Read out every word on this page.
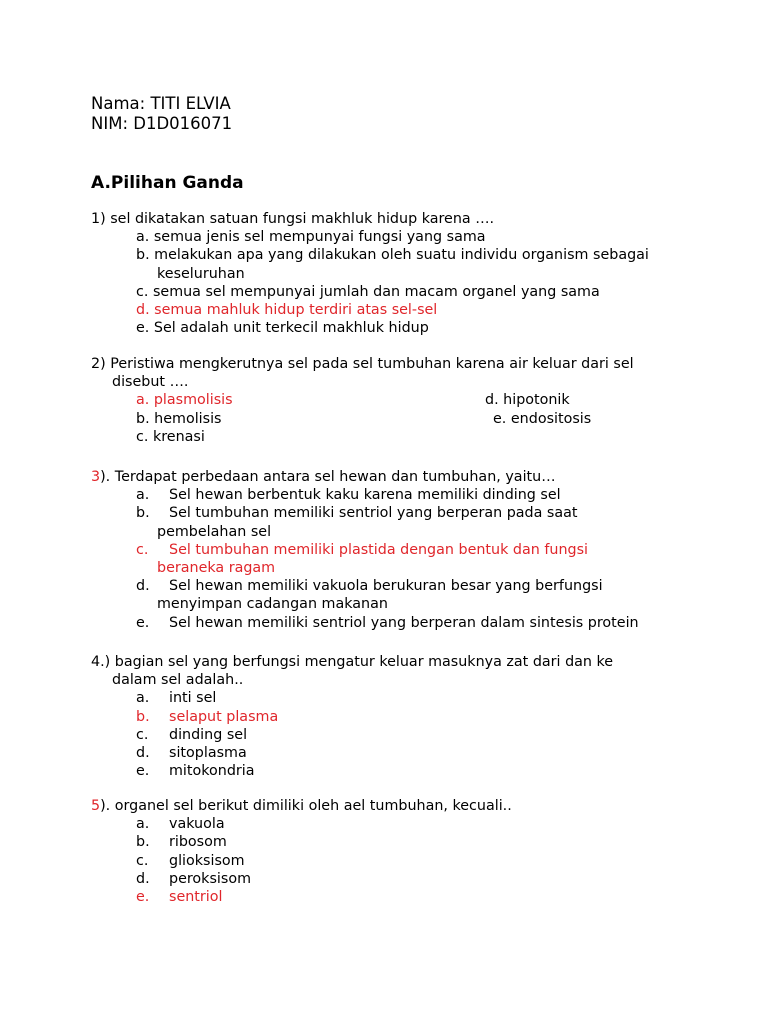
Nama: TITI ELVIA
NIM: D1D016071
A.Pilihan Ganda
1) sel dikatakan satuan fungsi makhluk hidup karena ….
a. semua jenis sel mempunyai fungsi yang sama
b. melakukan apa yang dilakukan oleh suatu individu organism sebagai
keseluruhan
c. semua sel mempunyai jumlah dan macam organel yang sama
d. semua mahluk hidup terdiri atas sel-sel
e. Sel adalah unit terkecil makhluk hidup
2) Peristiwa mengkerutnya sel pada sel tumbuhan karena air keluar dari sel
disebut ….
a. plasmolisis	d. hipotonik
b. hemolisis	e. endositosis
c. krenasi
3). Terdapat perbedaan antara sel hewan dan tumbuhan, yaitu…
a. Sel hewan berbentuk kaku karena memiliki dinding sel
b. Sel tumbuhan memiliki sentriol yang berperan pada saat
pembelahan sel
c. Sel tumbuhan memiliki plastida dengan bentuk dan fungsi
beraneka ragam
d. Sel hewan memiliki vakuola berukuran besar yang berfungsi
menyimpan cadangan makanan
e. Sel hewan memiliki sentriol yang berperan dalam sintesis protein
4.) bagian sel yang berfungsi mengatur keluar masuknya zat dari dan ke
dalam sel adalah..
a. inti sel
b. selaput plasma
c. dinding sel
d. sitoplasma
e. mitokondria
5). organel sel berikut dimiliki oleh ael tumbuhan, kecuali..
a. vakuola
b. ribosom
c. glioksisom
d. peroksisom
e. sentriol
